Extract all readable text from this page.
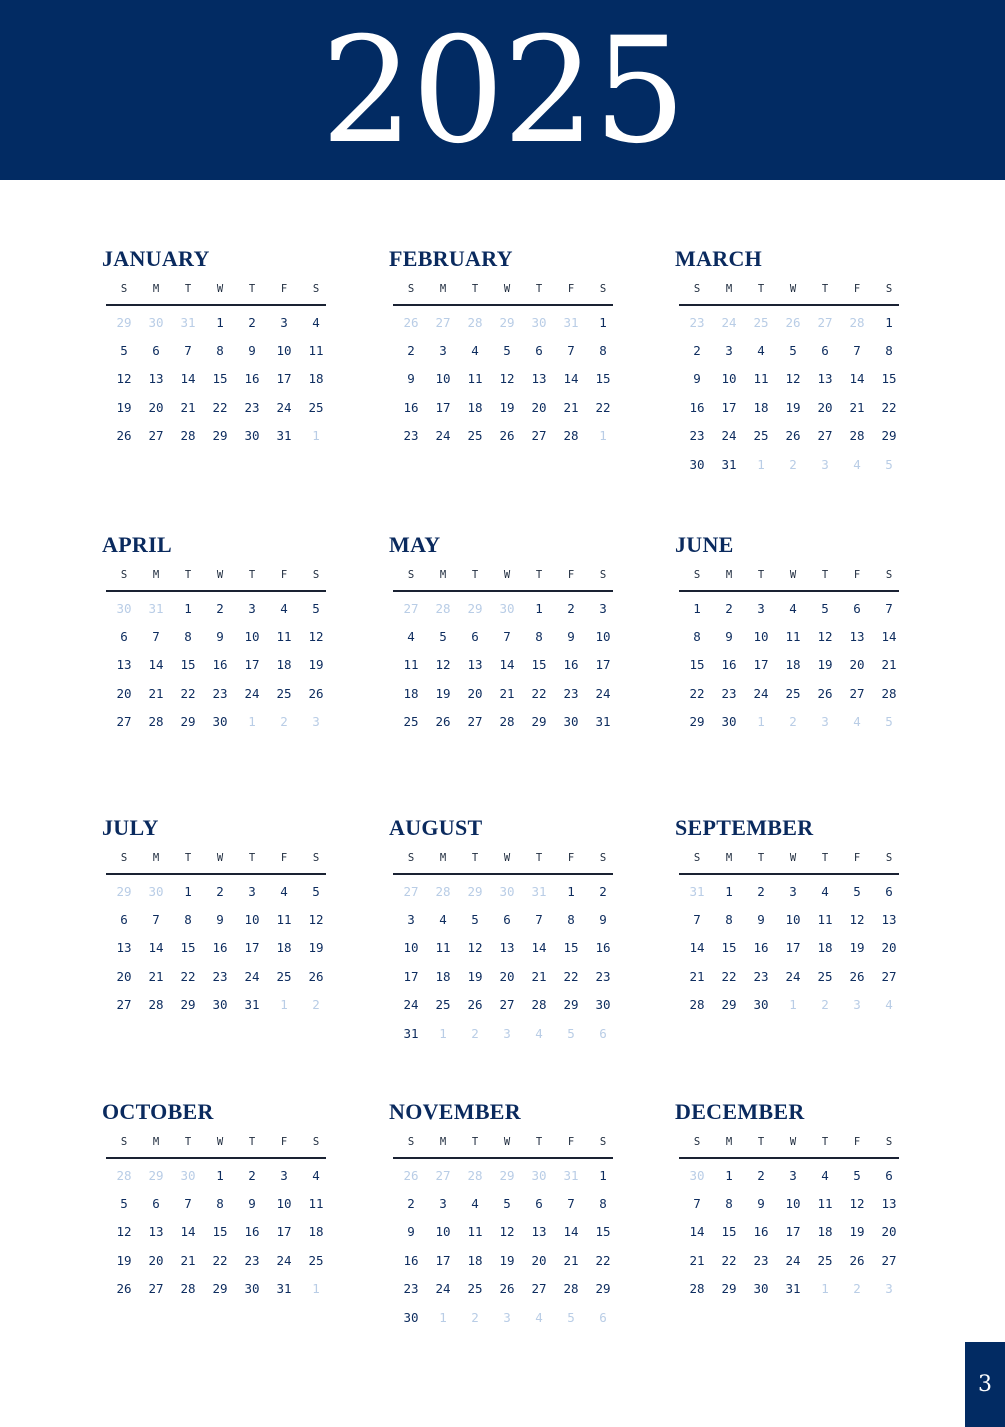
2025
JANUARY
S	M	T	W	T	F	S
29	30	31	1	2	3	4
5	6	7	8	9	10	11
12	13	14	15	16	17	18
19	20	21	22	23	24	25
26	27	28	29	30	31	1
FEBRUARY
S	M	T	W	T	F	S
26	27	28	29	30	31	1
2	3	4	5	6	7	8
9	10	11	12	13	14	15
16	17	18	19	20	21	22
23	24	25	26	27	28	1
MARCH
S	M	T	W	T	F	S
23	24	25	26	27	28	1
2	3	4	5	6	7	8
9	10	11	12	13	14	15
16	17	18	19	20	21	22
23	24	25	26	27	28	29
30	31	1	2	3	4	5
APRIL
S	M	T	W	T	F	S
30	31	1	2	3	4	5
6	7	8	9	10	11	12
13	14	15	16	17	18	19
20	21	22	23	24	25	26
27	28	29	30	1	2	3
MAY
S	M	T	W	T	F	S
27	28	29	30	1	2	3
4	5	6	7	8	9	10
11	12	13	14	15	16	17
18	19	20	21	22	23	24
25	26	27	28	29	30	31
JUNE
S	M	T	W	T	F	S
1	2	3	4	5	6	7
8	9	10	11	12	13	14
15	16	17	18	19	20	21
22	23	24	25	26	27	28
29	30	1	2	3	4	5
JULY
S	M	T	W	T	F	S
29	30	1	2	3	4	5
6	7	8	9	10	11	12
13	14	15	16	17	18	19
20	21	22	23	24	25	26
27	28	29	30	31	1	2
AUGUST
S	M	T	W	T	F	S
27	28	29	30	31	1	2
3	4	5	6	7	8	9
10	11	12	13	14	15	16
17	18	19	20	21	22	23
24	25	26	27	28	29	30
31	1	2	3	4	5	6
SEPTEMBER
S	M	T	W	T	F	S
31	1	2	3	4	5	6
7	8	9	10	11	12	13
14	15	16	17	18	19	20
21	22	23	24	25	26	27
28	29	30	1	2	3	4
OCTOBER
S	M	T	W	T	F	S
28	29	30	1	2	3	4
5	6	7	8	9	10	11
12	13	14	15	16	17	18
19	20	21	22	23	24	25
26	27	28	29	30	31	1
NOVEMBER
S	M	T	W	T	F	S
26	27	28	29	30	31	1
2	3	4	5	6	7	8
9	10	11	12	13	14	15
16	17	18	19	20	21	22
23	24	25	26	27	28	29
30	1	2	3	4	5	6
DECEMBER
S	M	T	W	T	F	S
30	1	2	3	4	5	6
7	8	9	10	11	12	13
14	15	16	17	18	19	20
21	22	23	24	25	26	27
28	29	30	31	1	2	3
3
